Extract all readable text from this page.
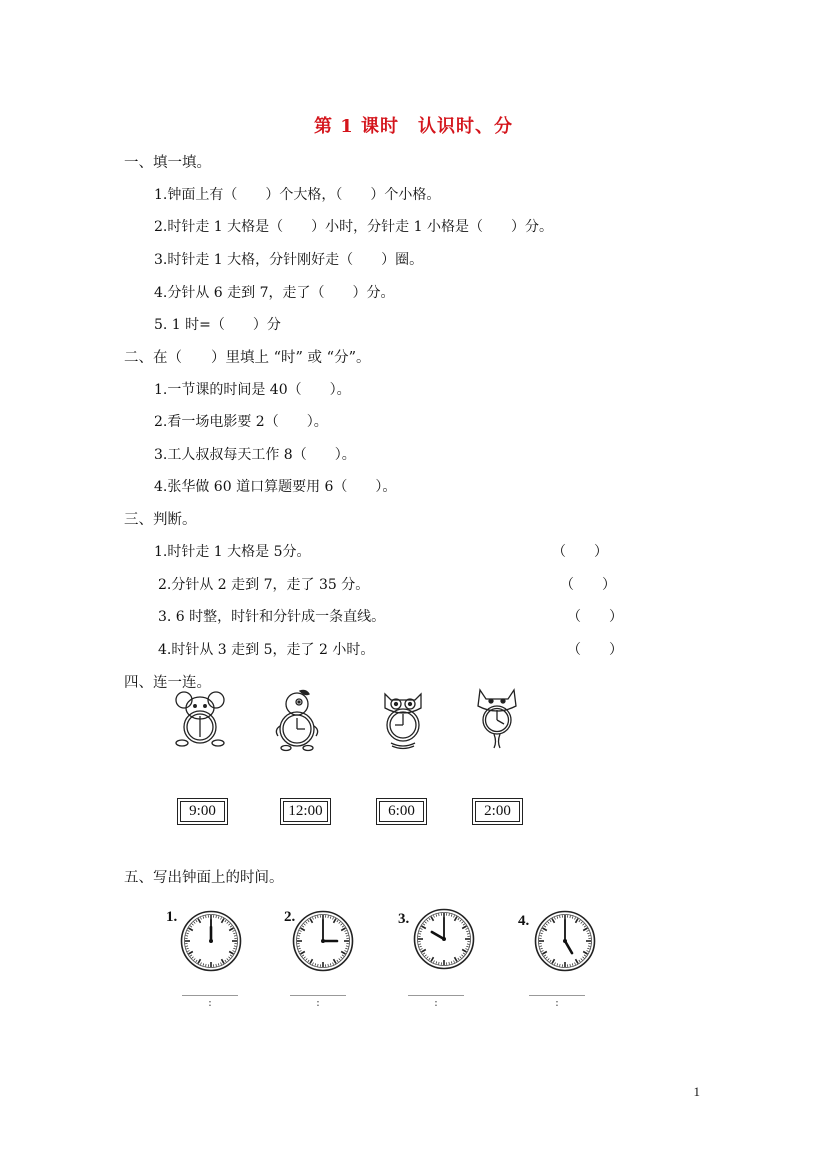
第 1 课时　认识时、分
一、填一填。
1.钟面上有（　　）个大格，（　　）个小格。
2.时针走 1 大格是（　　）小时，分针走 1 小格是（　　）分。
3.时针走 1 大格，分针刚好走（　　）圈。
4.分针从 6 走到 7，走了（　　）分。
5. 1 时=（　　）分
二、在（　　）里填上 “时” 或 “分”。
1.一节课的时间是 40（　　）。
2.看一场电影要 2（　　）。
3.工人叔叔每天工作 8（　　）。
4.张华做 60 道口算题要用 6（　　）。
三、判断。
1.时针走 1 大格是 5分。	（　　）
2.分针从 2 走到 7，走了 35 分。	（　　）
3. 6 时整，时针和分针成一条直线。	（　　）
4.时针从 3 走到 5，走了 2 小时。	（　　）
四、连一连。
9:00	12:00	6:00	2:00
五、写出钟面上的时间。
1.	2.	3.	4.
:	:	:	:
1
